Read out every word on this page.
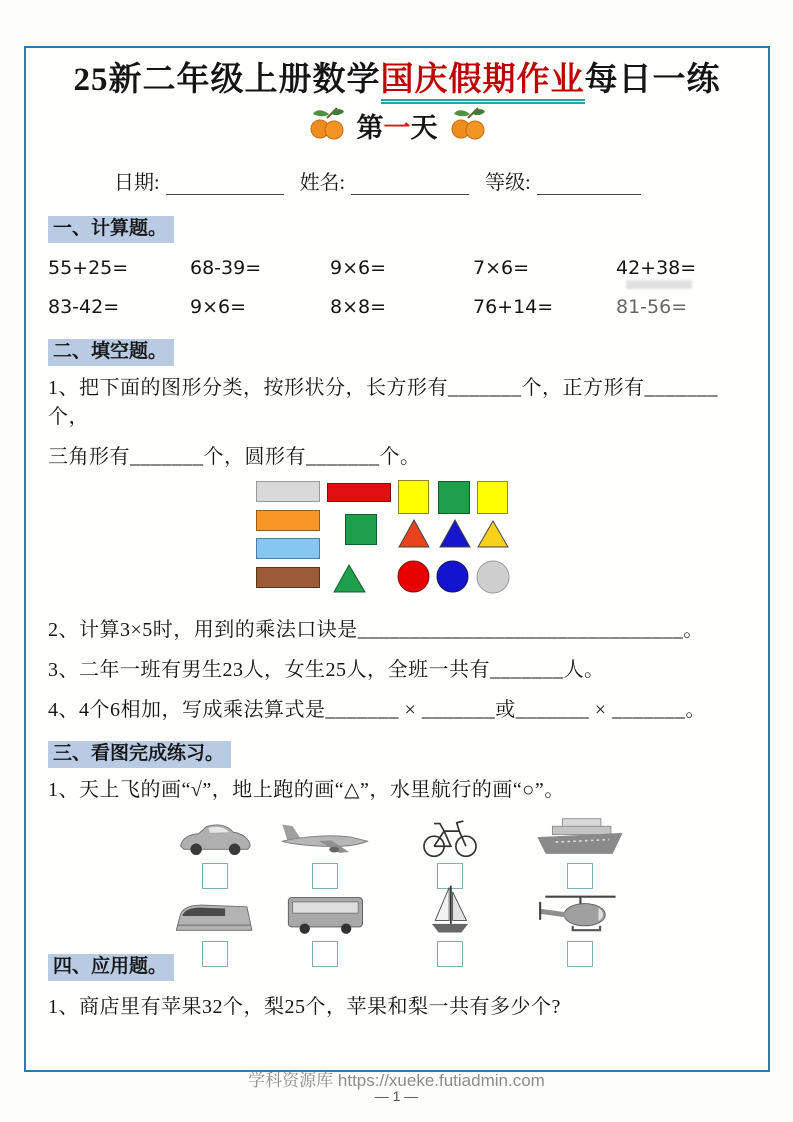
25新二年级上册数学国庆假期作业每日一练
第一天
日期:	姓名:	等级:
一、计算题。
55+25=	68-39=	9×6=	7×6=	42+38=
83-42=	9×6=	8×8=	76+14=	81-56=
二、填空题。
1、把下面的图形分类，按形状分，长方形有_______个，正方形有_______个，
三角形有_______个，圆形有_______个。
2、计算3×5时，用到的乘法口诀是_______________________________。
3、二年一班有男生23人，女生25人，全班一共有_______人。
4、4个6相加，写成乘法算式是_______ × _______或_______ × _______。
三、看图完成练习。
1、天上飞的画“√”，地上跑的画“△”，水里航行的画“○”。
四、应用题。
1、商店里有苹果32个，梨25个，苹果和梨一共有多少个?
学科资源库 https://xueke.futiadmin.com
— 1 —
